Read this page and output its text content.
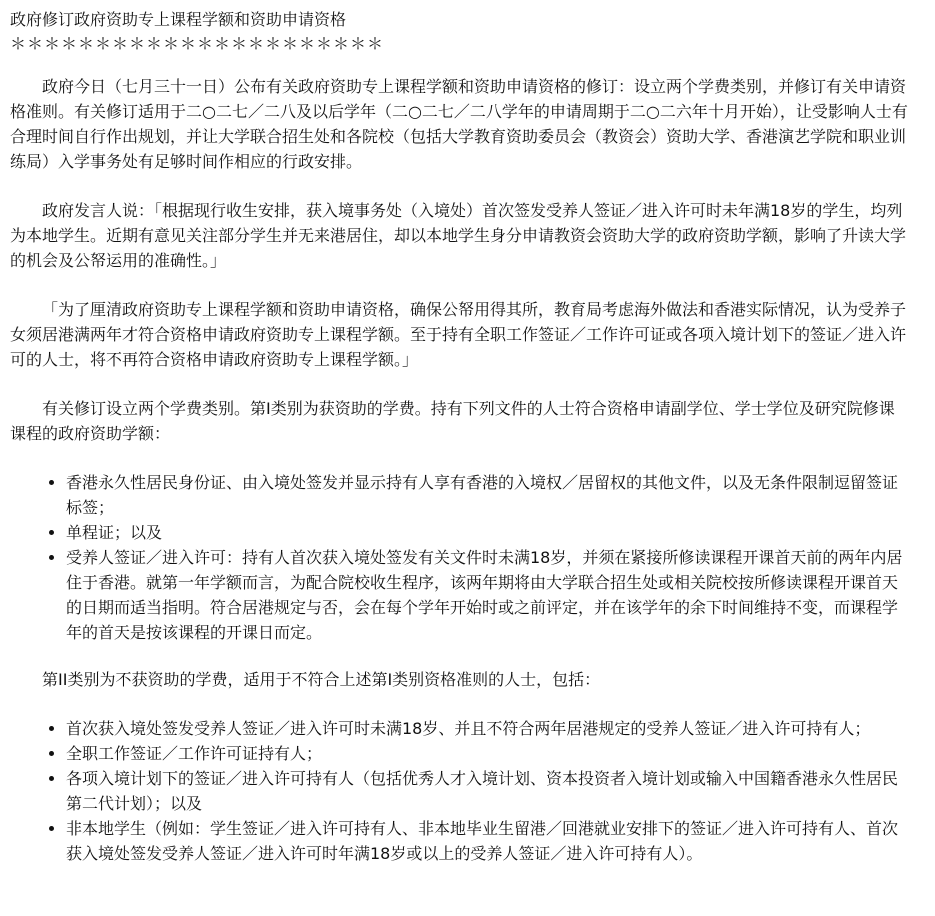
政府修订政府资助专上课程学额和资助申请资格
＊＊＊＊＊＊＊＊＊＊＊＊＊＊＊＊＊＊＊＊＊＊

政府今日（七月三十一日）公布有关政府资助专上课程学额和资助申请资格的修订：设立两个学费类别，并修订有关申请资格准则。有关修订适用于二○二七／二八及以后学年（二○二七／二八学年的申请周期于二○二六年十月开始），让受影响人士有合理时间自行作出规划，并让大学联合招生处和各院校（包括大学教育资助委员会（教资会）资助大学、香港演艺学院和职业训练局）入学事务处有足够时间作相应的行政安排。

政府发言人说：「根据现行收生安排，获入境事务处（入境处）首次签发受养人签证／进入许可时未年满18岁的学生，均列为本地学生。近期有意见关注部分学生并无来港居住，却以本地学生身分申请教资会资助大学的政府资助学额，影响了升读大学的机会及公帑运用的准确性。」

「为了厘清政府资助专上课程学额和资助申请资格，确保公帑用得其所，教育局考虑海外做法和香港实际情况，认为受养子女须居港满两年才符合资格申请政府资助专上课程学额。至于持有全职工作签证／工作许可证或各项入境计划下的签证／进入许可的人士，将不再符合资格申请政府资助专上课程学额。」

有关修订设立两个学费类别。第I类别为获资助的学费。持有下列文件的人士符合资格申请副学位、学士学位及研究院修课课程的政府资助学额：

• 香港永久性居民身份证、由入境处签发并显示持有人享有香港的入境权／居留权的其他文件，以及无条件限制逗留签证标签；
• 单程证；以及
• 受养人签证／进入许可：持有人首次获入境处签发有关文件时未满18岁，并须在紧接所修读课程开课首天前的两年内居住于香港。就第一年学额而言，为配合院校收生程序，该两年期将由大学联合招生处或相关院校按所修读课程开课首天的日期而适当指明。符合居港规定与否，会在每个学年开始时或之前评定，并在该学年的余下时间维持不变，而课程学年的首天是按该课程的开课日而定。
第II类别为不获资助的学费，适用于不符合上述第I类别资格准则的人士，包括：
• 首次获入境处签发受养人签证／进入许可时未满18岁、并且不符合两年居港规定的受养人签证／进入许可持有人；
• 全职工作签证／工作许可证持有人；
• 各项入境计划下的签证／进入许可持有人（包括优秀人才入境计划、资本投资者入境计划或输入中国籍香港永久性居民第二代计划）；以及
• 非本地学生（例如：学生签证／进入许可持有人、非本地毕业生留港／回港就业安排下的签证／进入许可持有人、首次获入境处签发受养人签证／进入许可时年满18岁或以上的受养人签证／进入许可持有人）。
